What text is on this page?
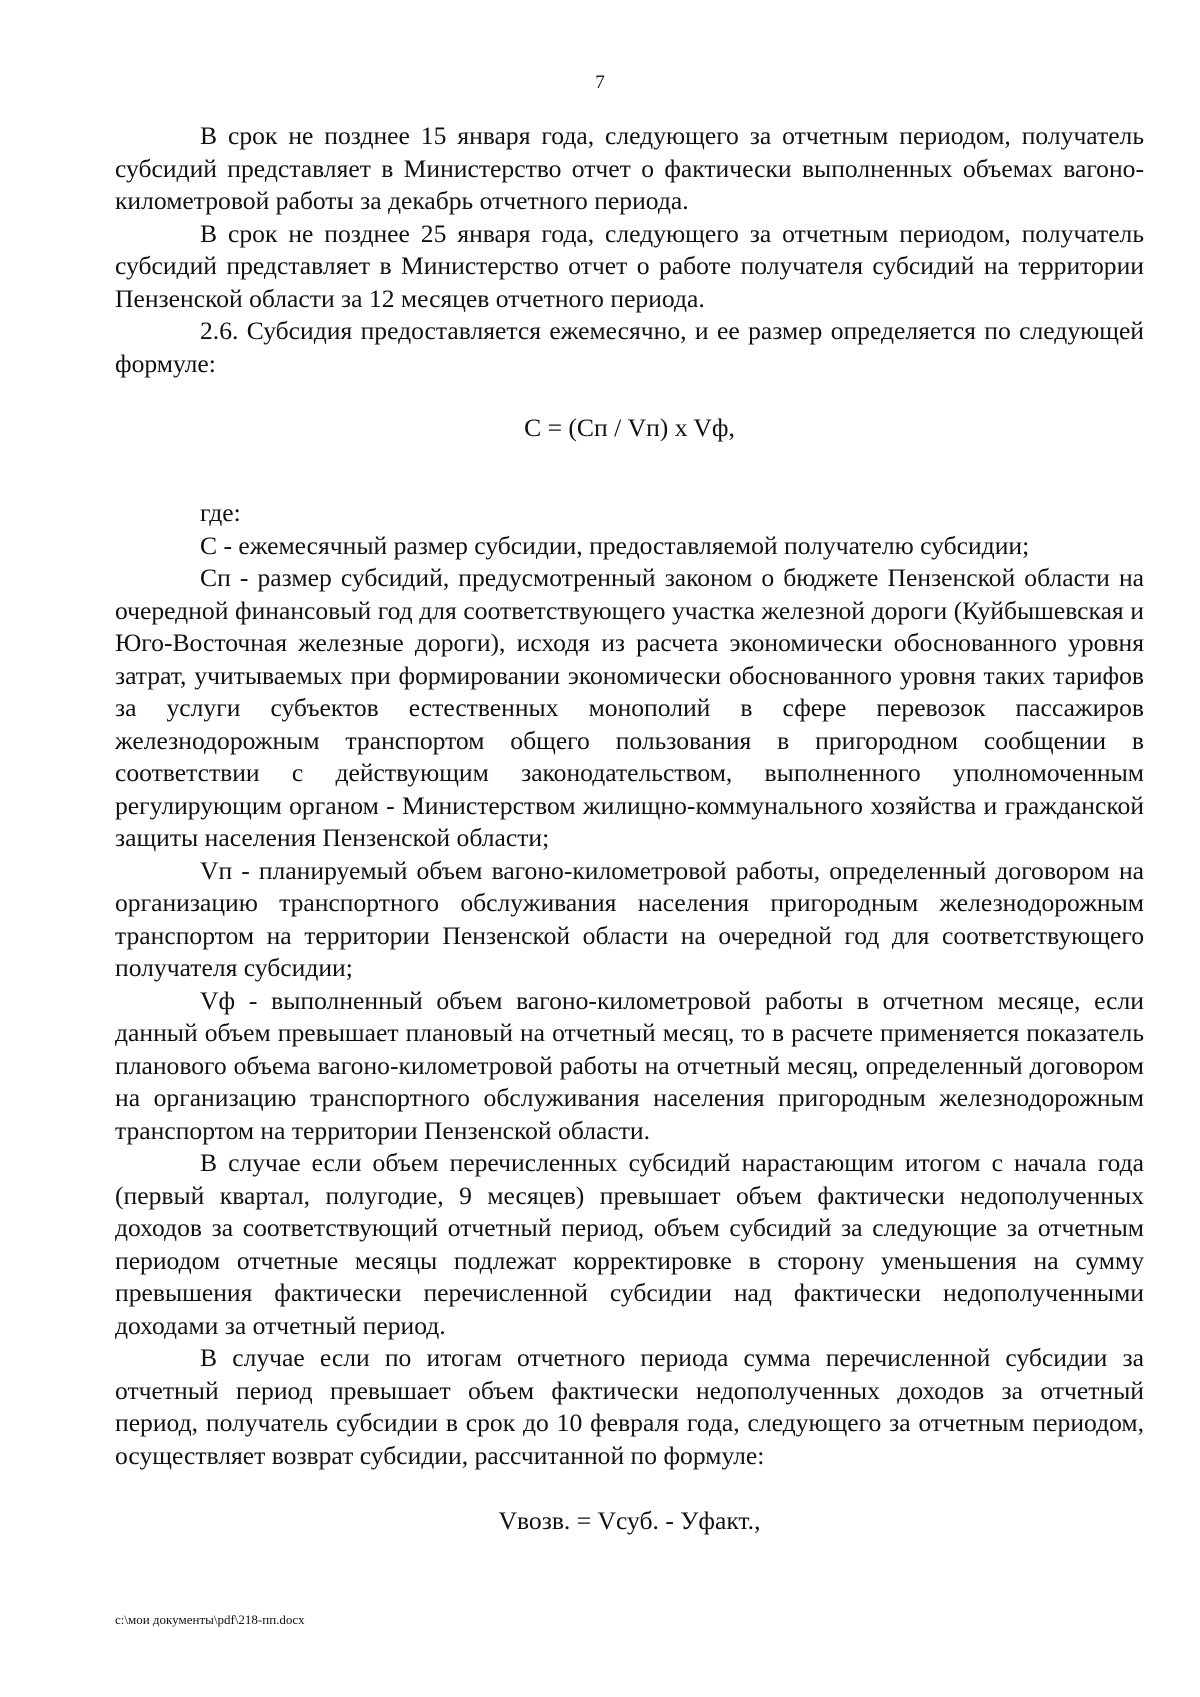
7

В срок не позднее 15 января года, следующего за отчетным периодом, получатель субсидий представляет в Министерство отчет о фактически выполненных объемах вагоно-километровой работы за декабрь отчетного периода.

В срок не позднее 25 января года, следующего за отчетным периодом, получатель субсидий представляет в Министерство отчет о работе получателя субсидий на территории Пензенской области за 12 месяцев отчетного периода.

2.6. Субсидия предоставляется ежемесячно, и ее размер определяется по следующей формуле:

С = (Сп / Vп) x Vф,

где:

С - ежемесячный размер субсидии, предоставляемой получателю субсидии;

Сп - размер субсидий, предусмотренный законом о бюджете Пензенской области на очередной финансовый год для соответствующего участка железной дороги (Куйбышевская и Юго-Восточная железные дороги), исходя из расчета экономически обоснованного уровня затрат, учитываемых при формировании экономически обоснованного уровня таких тарифов за услуги субъектов естественных монополий в сфере перевозок пассажиров железнодорожным транспортом общего пользования в пригородном сообщении в соответствии с действующим законодательством, выполненного уполномоченным регулирующим органом - Министерством жилищно-коммунального хозяйства и гражданской защиты населения Пензенской области;

Vп - планируемый объем вагоно-километровой работы, определенный договором на организацию транспортного обслуживания населения пригородным железнодорожным транспортом на территории Пензенской области на очередной год для соответствующего получателя субсидии;

Vф - выполненный объем вагоно-километровой работы в отчетном месяце, если данный объем превышает плановый на отчетный месяц, то в расчете применяется показатель планового объема вагоно-километровой работы на отчетный месяц, определенный договором на организацию транспортного обслуживания населения пригородным железнодорожным транспортом на территории Пензенской области.

В случае если объем перечисленных субсидий нарастающим итогом с начала года (первый квартал, полугодие, 9 месяцев) превышает объем фактически недополученных доходов за соответствующий отчетный период, объем субсидий за следующие за отчетным периодом отчетные месяцы подлежат корректировке в сторону уменьшения на сумму превышения фактически перечисленной субсидии над фактически недополученными доходами за отчетный период.

В случае если по итогам отчетного периода сумма перечисленной субсидии за отчетный период превышает объем фактически недополученных доходов за отчетный период, получатель субсидии в срок до 10 февраля года, следующего за отчетным периодом, осуществляет возврат субсидии, рассчитанной по формуле:

Vвозв. = Vсуб. - Уфакт.,
c:\мои документы\pdf\218-пп.docx
